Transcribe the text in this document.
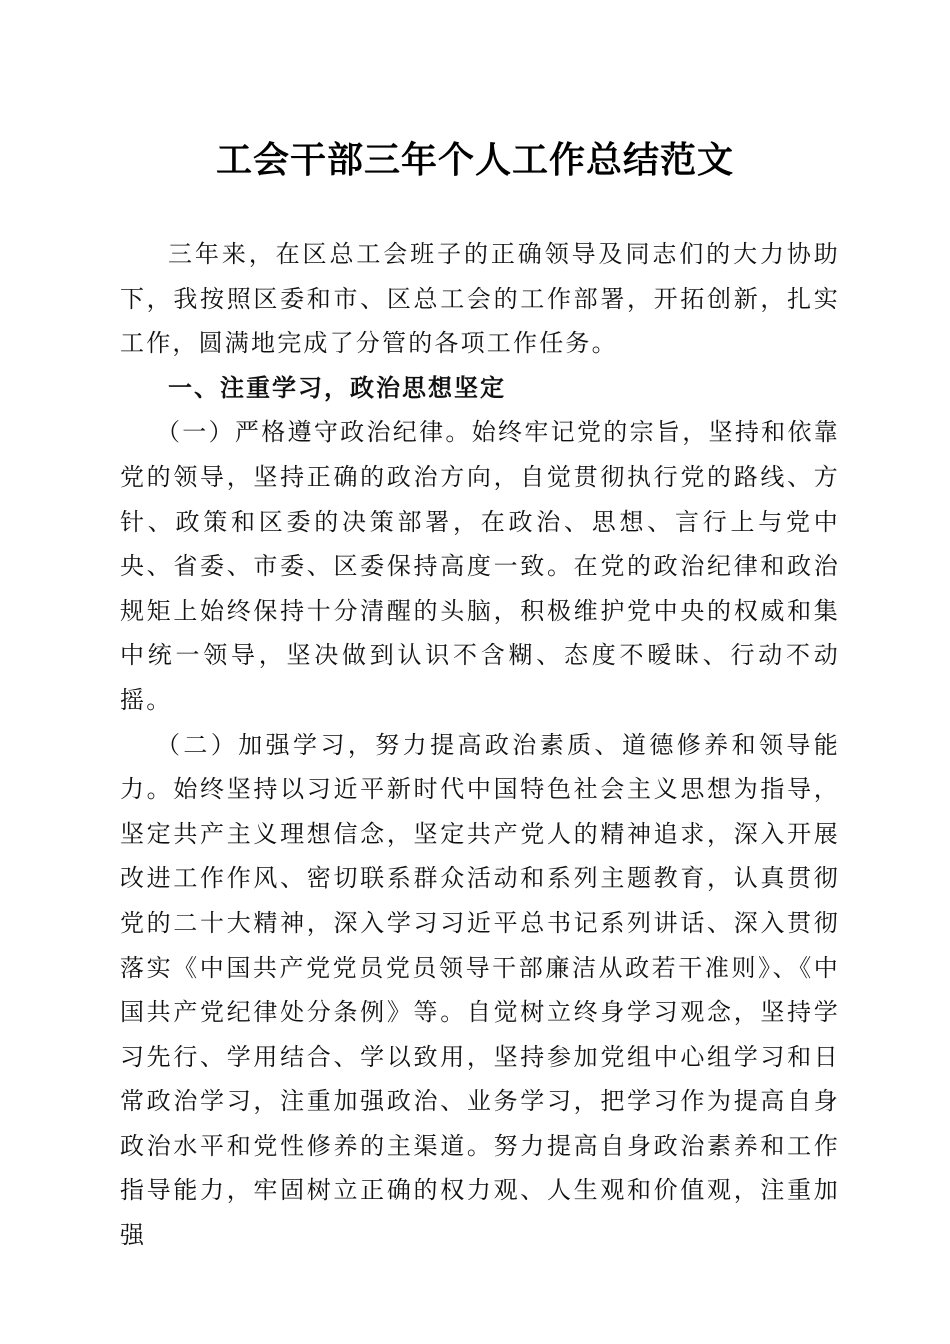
工会干部三年个人工作总结范文

三年来，在区总工会班子的正确领导及同志们的大力协助下，我按照区委和市、区总工会的工作部署，开拓创新，扎实工作，圆满地完成了分管的各项工作任务。

一、注重学习，政治思想坚定

（一）严格遵守政治纪律。始终牢记党的宗旨，坚持和依靠党的领导，坚持正确的政治方向，自觉贯彻执行党的路线、方针、政策和区委的决策部署，在政治、思想、言行上与党中央、省委、市委、区委保持高度一致。在党的政治纪律和政治规矩上始终保持十分清醒的头脑，积极维护党中央的权威和集中统一领导，坚决做到认识不含糊、态度不暧昧、行动不动摇。

（二）加强学习，努力提高政治素质、道德修养和领导能力。始终坚持以习近平新时代中国特色社会主义思想为指导，坚定共产主义理想信念，坚定共产党人的精神追求，深入开展改进工作作风、密切联系群众活动和系列主题教育，认真贯彻党的二十大精神，深入学习习近平总书记系列讲话、深入贯彻落实《中国共产党党员党员领导干部廉洁从政若干准则》、《中国共产党纪律处分条例》等。自觉树立终身学习观念，坚持学习先行、学用结合、学以致用，坚持参加党组中心组学习和日常政治学习，注重加强政治、业务学习，把学习作为提高自身政治水平和党性修养的主渠道。努力提高自身政治素养和工作指导能力，牢固树立正确的权力观、人生观和价值观，注重加强
